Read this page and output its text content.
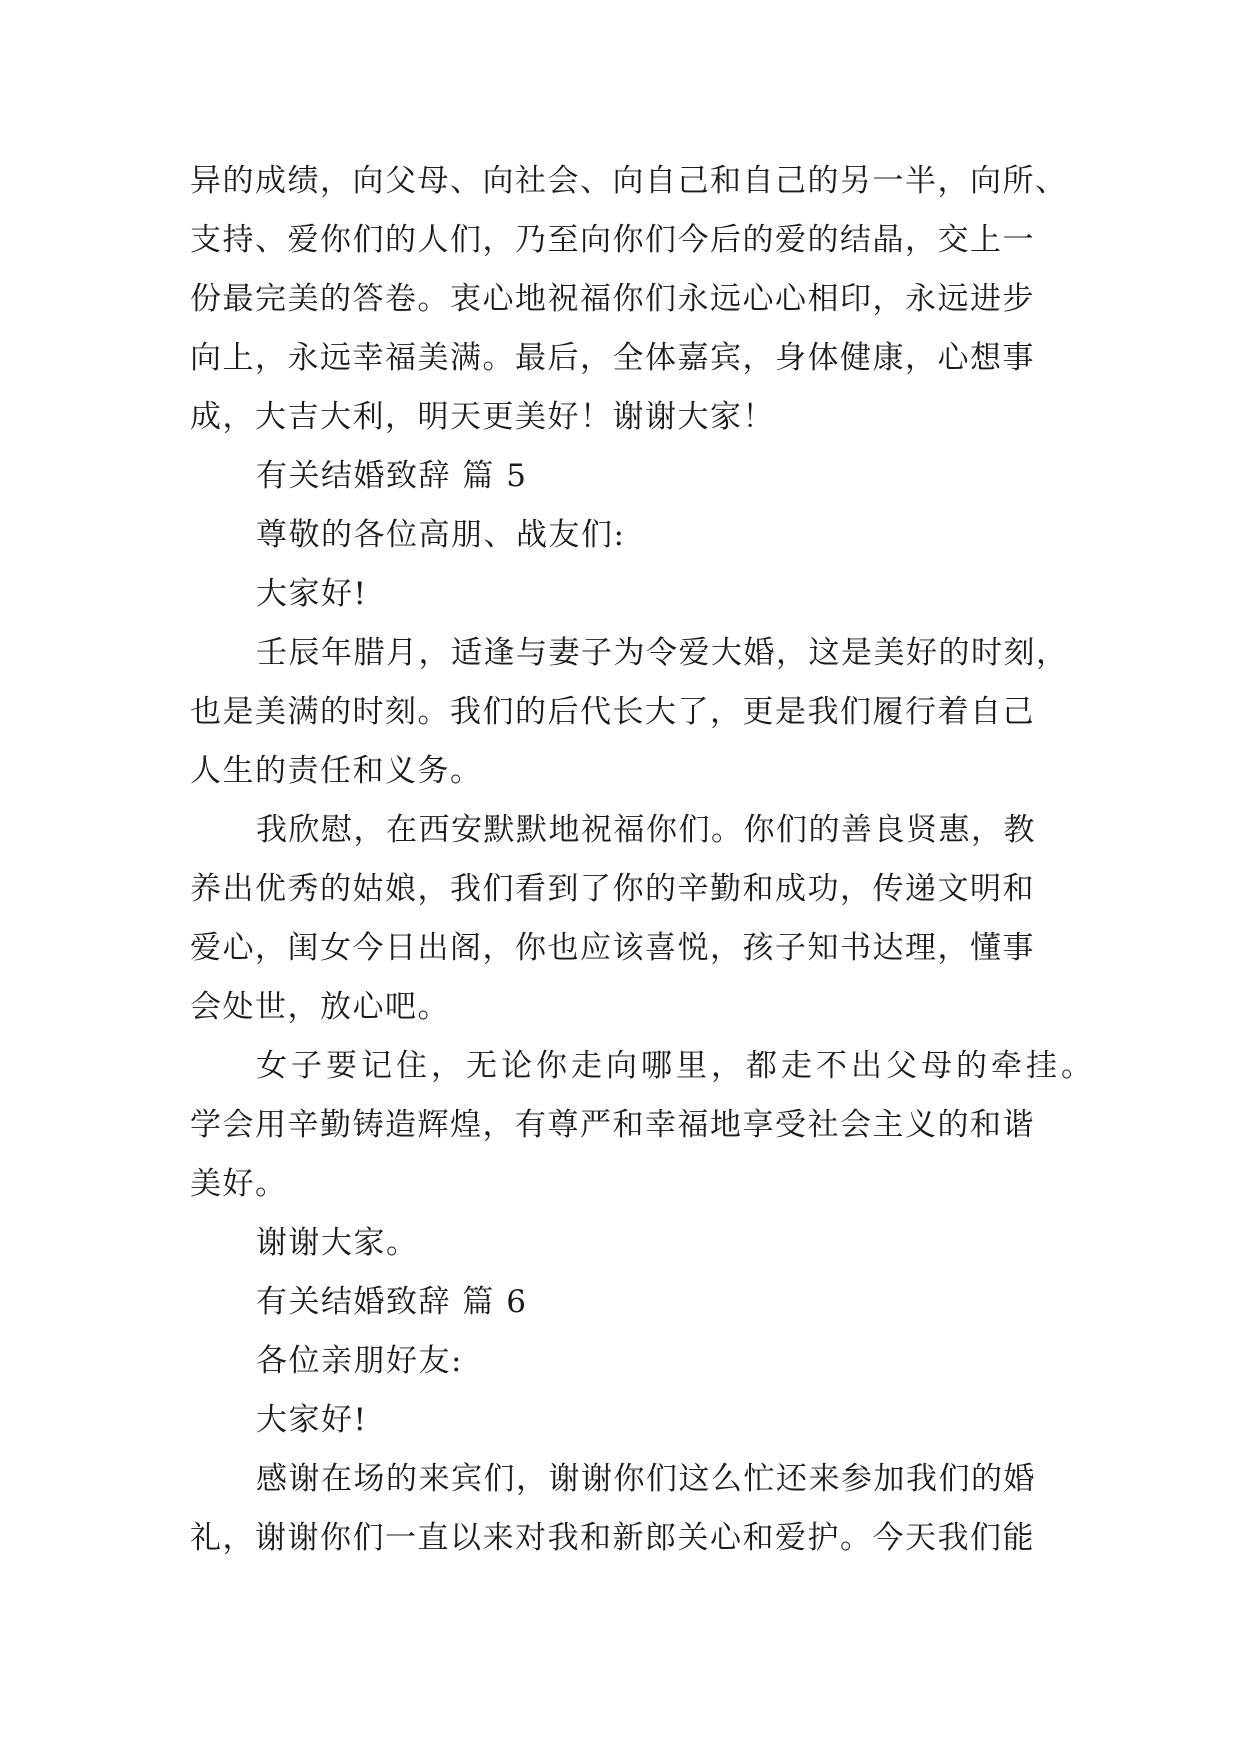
异的成绩，向父母、向社会、向自己和自己的另一半，向所、
支持、爱你们的人们，乃至向你们今后的爱的结晶，交上一
份最完美的答卷。衷心地祝福你们永远心心相印，永远进步
向上，永远幸福美满。最后，全体嘉宾，身体健康，心想事
成，大吉大利，明天更美好！谢谢大家！
有关结婚致辞 篇 5
尊敬的各位高朋、战友们:
大家好!
壬辰年腊月，适逢与妻子为令爱大婚，这是美好的时刻，
也是美满的时刻。我们的后代长大了，更是我们履行着自己
人生的责任和义务。
我欣慰，在西安默默地祝福你们。你们的善良贤惠，教
养出优秀的姑娘，我们看到了你的辛勤和成功，传递文明和
爱心，闺女今日出阁，你也应该喜悦，孩子知书达理，懂事
会处世，放心吧。
女子要记住，无论你走向哪里，都走不出父母的牵挂。
学会用辛勤铸造辉煌，有尊严和幸福地享受社会主义的和谐
美好。
谢谢大家。
有关结婚致辞 篇 6
各位亲朋好友:
大家好!
感谢在场的来宾们，谢谢你们这么忙还来参加我们的婚
礼，谢谢你们一直以来对我和新郎关心和爱护。今天我们能
